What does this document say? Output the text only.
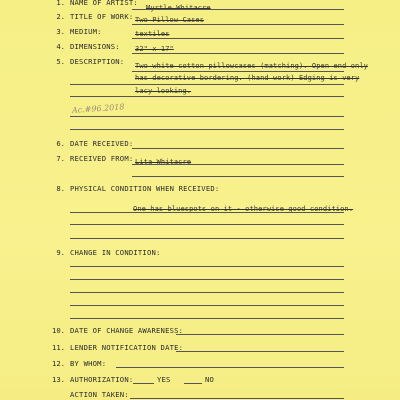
1. NAME OF ARTIST:
Myrtle Whitacre
2. TITLE OF WORK: Two Pillow Cases
3. MEDIUM:	textiles
4. DIMENSIONS: 32" x 17"
5. DESCRIPTION: Two white cotton pillowcases (matching). Open end only
has decorative bordering. (hand work) Edging is very
lacy looking.
Ac.#96.2018
6. DATE RECEIVED:
7. RECEIVED FROM: Lita Whitacre
8. PHYSICAL CONDITION WHEN RECEIVED:
One has bluespots on it - otherwise good condition.
9. CHANGE IN CONDITION:
10. DATE OF CHANGE AWARENESS:
11. LENDER NOTIFICATION DATE:
12. BY WHOM:
13. AUTHORIZATION:	YES	NO
ACTION TAKEN:
